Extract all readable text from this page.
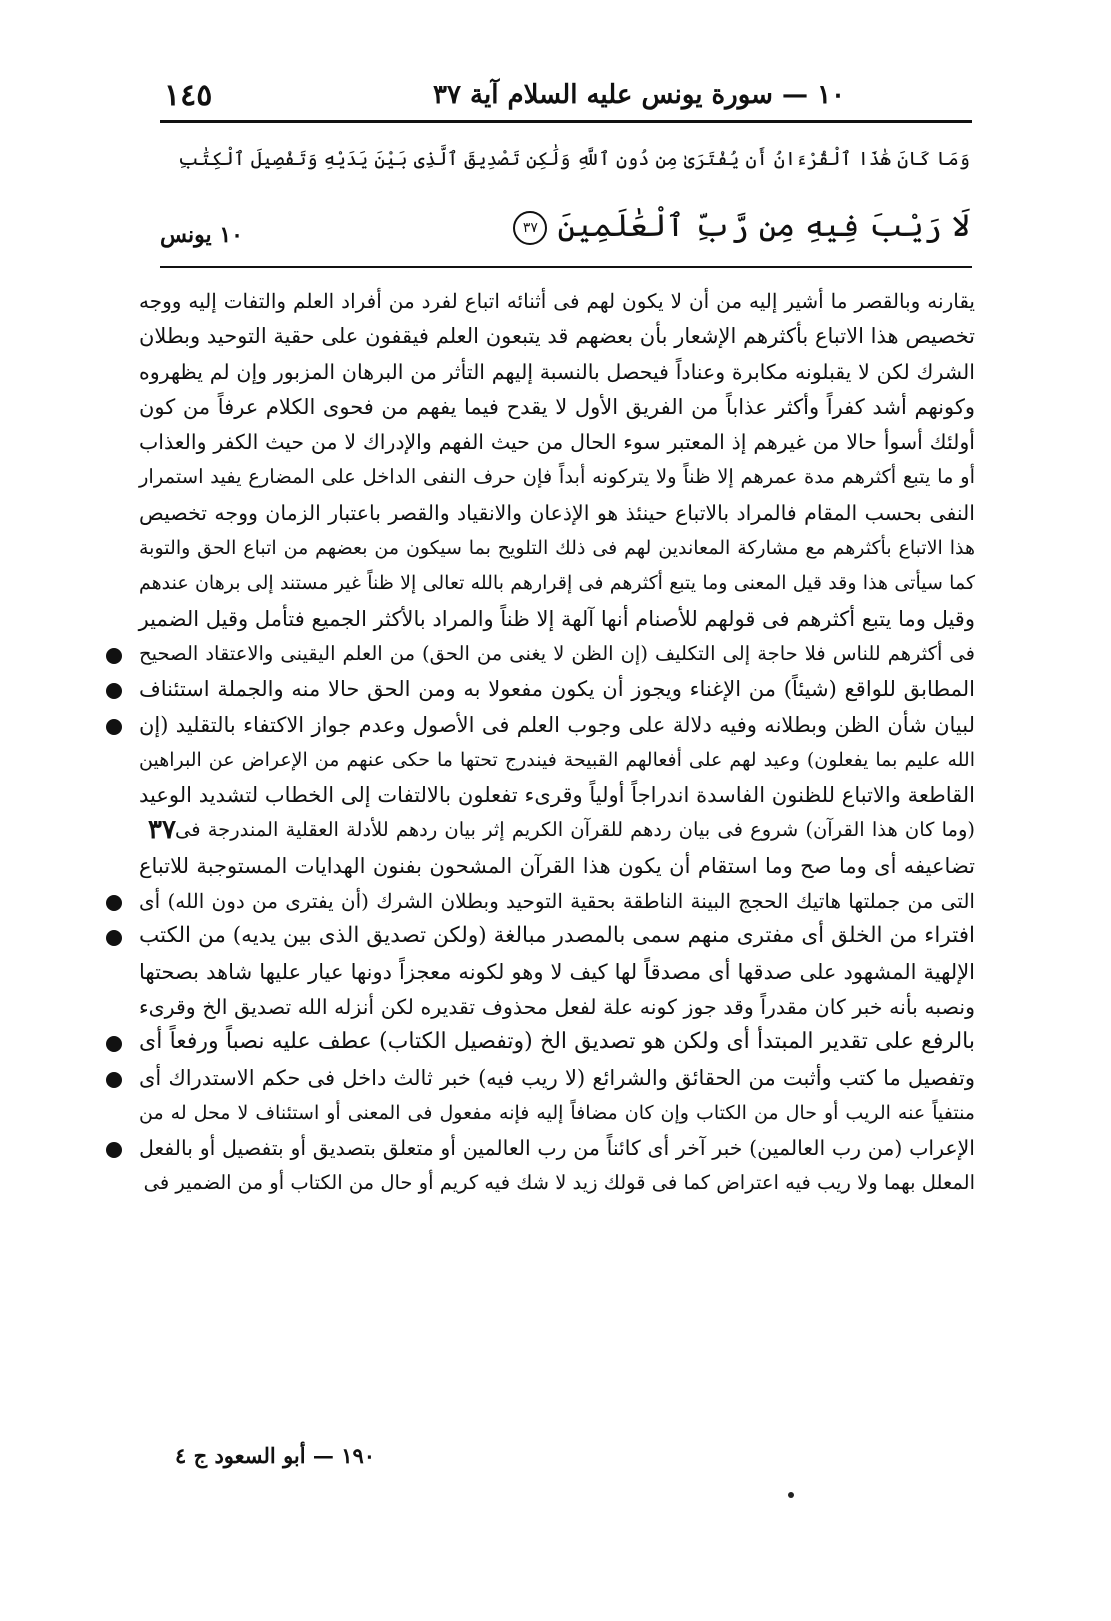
١٠ — سورة يونس عليه السلام آية ٣٧
١٤٥
وَمَا كَانَ هَٰذَا ٱلْقُرْءَانُ أَن يُفْتَرَىٰ مِن دُونِ ٱللَّهِ وَلَٰكِن تَصْدِيقَ ٱلَّذِى بَيْنَ يَدَيْهِ وَتَفْصِيلَ ٱلْكِتَٰبِ
لَا رَيْبَ فِيهِ مِن رَّبِّ ٱلْعَٰلَمِينَ٣٧
١٠ يونس
يقارنه وبالقصر ما أشير إليه من أن لا يكون لهم فى أثنائه اتباع لفرد من أفراد العلم والتفات إليه ووجه
تخصيص هذا الاتباع بأكثرهم الإشعار بأن بعضهم قد يتبعون العلم فيقفون على حقية التوحيد وبطلان
الشرك لكن لا يقبلونه مكابرة وعناداً فيحصل بالنسبة إليهم التأثر من البرهان المزبور وإن لم يظهروه
وكونهم أشد كفراً وأكثر عذاباً من الفريق الأول لا يقدح فيما يفهم من فحوى الكلام عرفاً من كون
أولئك أسوأ حالا من غيرهم إذ المعتبر سوء الحال من حيث الفهم والإدراك لا من حيث الكفر والعذاب
أو ما يتبع أكثرهم مدة عمرهم إلا ظناً ولا يتركونه أبداً فإن حرف النفى الداخل على المضارع يفيد استمرار
النفى بحسب المقام فالمراد بالاتباع حينئذ هو الإذعان والانقياد والقصر باعتبار الزمان ووجه تخصيص
هذا الاتباع بأكثرهم مع مشاركة المعاندين لهم فى ذلك التلويح بما سيكون من بعضهم من اتباع الحق والتوبة
كما سيأتى هذا وقد قيل المعنى وما يتبع أكثرهم فى إقرارهم بالله تعالى إلا ظناً غير مستند إلى برهان عندهم
وقيل وما يتبع أكثرهم فى قولهم للأصنام أنها آلهة إلا ظناً والمراد بالأكثر الجميع فتأمل وقيل الضمير
فى أكثرهم للناس فلا حاجة إلى التكليف (إن الظن لا يغنى من الحق) من العلم اليقينى والاعتقاد الصحيح
المطابق للواقع (شيئاً) من الإغناء ويجوز أن يكون مفعولا به ومن الحق حالا منه والجملة استئناف
لبيان شأن الظن وبطلانه وفيه دلالة على وجوب العلم فى الأصول وعدم جواز الاكتفاء بالتقليد (إن
الله عليم بما يفعلون) وعيد لهم على أفعالهم القبيحة فيندرج تحتها ما حكى عنهم من الإعراض عن البراهين
القاطعة والاتباع للظنون الفاسدة اندراجاً أولياً وقرىء تفعلون بالالتفات إلى الخطاب لتشديد الوعيد
٣٧ (وما كان هذا القرآن) شروع فى بيان ردهم للقرآن الكريم إثر بيان ردهم للأدلة العقلية المندرجة فى
تضاعيفه أى وما صح وما استقام أن يكون هذا القرآن المشحون بفنون الهدايات المستوجبة للاتباع
التى من جملتها هاتيك الحجج البينة الناطقة بحقية التوحيد وبطلان الشرك (أن يفترى من دون الله) أى
افتراء من الخلق أى مفترى منهم سمى بالمصدر مبالغة (ولكن تصديق الذى بين يديه) من الكتب
الإلهية المشهود على صدقها أى مصدقاً لها كيف لا وهو لكونه معجزاً دونها عيار عليها شاهد بصحتها
ونصبه بأنه خبر كان مقدراً وقد جوز كونه علة لفعل محذوف تقديره لكن أنزله الله تصديق الخ وقرىء
بالرفع على تقدير المبتدأ أى ولكن هو تصديق الخ (وتفصيل الكتاب) عطف عليه نصباً ورفعاً أى
وتفصيل ما كتب وأثبت من الحقائق والشرائع (لا ريب فيه) خبر ثالث داخل فى حكم الاستدراك أى
منتفياً عنه الريب أو حال من الكتاب وإن كان مضافاً إليه فإنه مفعول فى المعنى أو استئناف لا محل له من
الإعراب (من رب العالمين) خبر آخر أى كائناً من رب العالمين أو متعلق بتصديق أو بتفصيل أو بالفعل
المعلل بهما ولا ريب فيه اعتراض كما فى قولك زيد لا شك فيه كريم أو حال من الكتاب أو من الضمير فى
١٩٠ — أبو السعود ج ٤
